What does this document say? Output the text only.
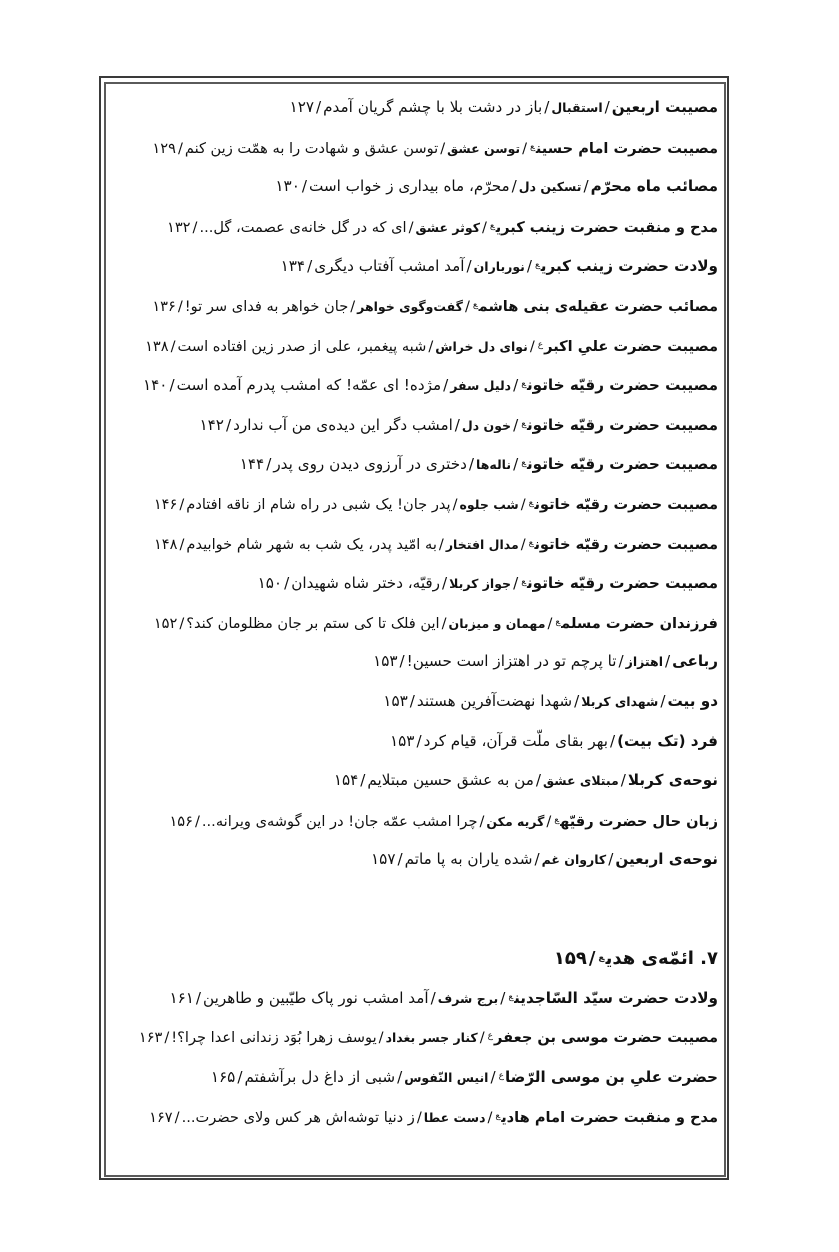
مصیبت اربعین/استقبال/باز در دشت بلا با چشم گریان آمدم/۱۲۷
مصیبت حضرت امام حسین$^ع$/توسن عشق/توسن عشق و شهادت را به همّت زین کنم/۱۲۹
مصائب ماه محرّم/تسکین دل/محرّم، ماه بیداری ز خواب است/۱۳۰
مدح و منقبت حضرت زینب کبری$^ع$/کوثر عشق/ای که در گل خانه‌ی عصمت، گل.../۱۳۲
ولادت حضرت زینب کبری$^ع$/نورباران/آمد امشب آفتاب دیگری/۱۳۴
مصائب حضرت عقیله‌ی بنی هاشم$^ع$/گفت‌وگوی خواهر/جان خواهر به فدای سر تو!/۱۳۶
مصیبت حضرت علیِ اکبر$^ع$/نوای دل خراش/شبه پیغمبر، علی از صدر زین افتاده است/۱۳۸
مصیبت حضرت رقیّه خاتون$^ع$/دلیل سفر/مژده! ای عمّه! که امشب پدرم آمده است/۱۴۰
مصیبت حضرت رقیّه خاتون$^ع$/خون دل/امشب دگر این دیده‌ی من آب ندارد/۱۴۲
مصیبت حضرت رقیّه خاتون$^ع$/ناله‌ها/دختری در آرزوی دیدن روی پدر/۱۴۴
مصیبت حضرت رقیّه خاتون$^ع$/شب جلوه/پدر جان! یک شبی در راه شام از ناقه افتادم/۱۴۶
مصیبت حضرت رقیّه خاتون$^ع$/مدال افتخار/به امّید پدر، یک شب به شهر شام خوابیدم/۱۴۸
مصیبت حضرت رقیّه خاتون$^ع$/جواز کربلا/رقیّه، دختر شاه شهیدان/۱۵۰
فرزندان حضرت مسلم$^ع$/مهمان و میزبان/این فلک تا کی ستم بر جان مظلومان کند؟/۱۵۲
رباعی/اهتزاز/تا پرچم تو در اهتزاز است حسین!/۱۵۳
دو بیت/شهدای کربلا/شهدا نهضت‌آفرین هستند/۱۵۳
فرد (تک بیت)/بهر بقای ملّت قرآن، قیام کرد/۱۵۳
نوحه‌ی کربلا/مبتلای عشق/من به عشق حسین مبتلایم/۱۵۴
زبان حال حضرت رقیّه$^ع$/گریه مکن/چرا امشب عمّه جان! در این گوشه‌ی ویرانه.../۱۵۶
نوحه‌ی اربعین/کاروان غم/شده یاران به پا ماتم/۱۵۷
۷. ائمّه‌ی هدی$^ع$/۱۵۹
ولادت حضرت سیّد السّاجدین$^ع$/برج شرف/آمد امشب نور پاک طیّبین و طاهرین/۱۶۱
مصیبت حضرت موسی بن جعفر$^ع$/کنار جسر بغداد/یوسف زهرا بُوَد زندانی اعدا چرا؟!/۱۶۳
حضرت علیِ بن موسی الرّضا$^ع$/انیس النّفوس/شبی از داغ دل برآشفتم/۱۶۵
مدح و منقبت حضرت امام هادی$^ع$/دست عطا/ز دنیا توشه‌اش هر کس ولای حضرت.../۱۶۷
